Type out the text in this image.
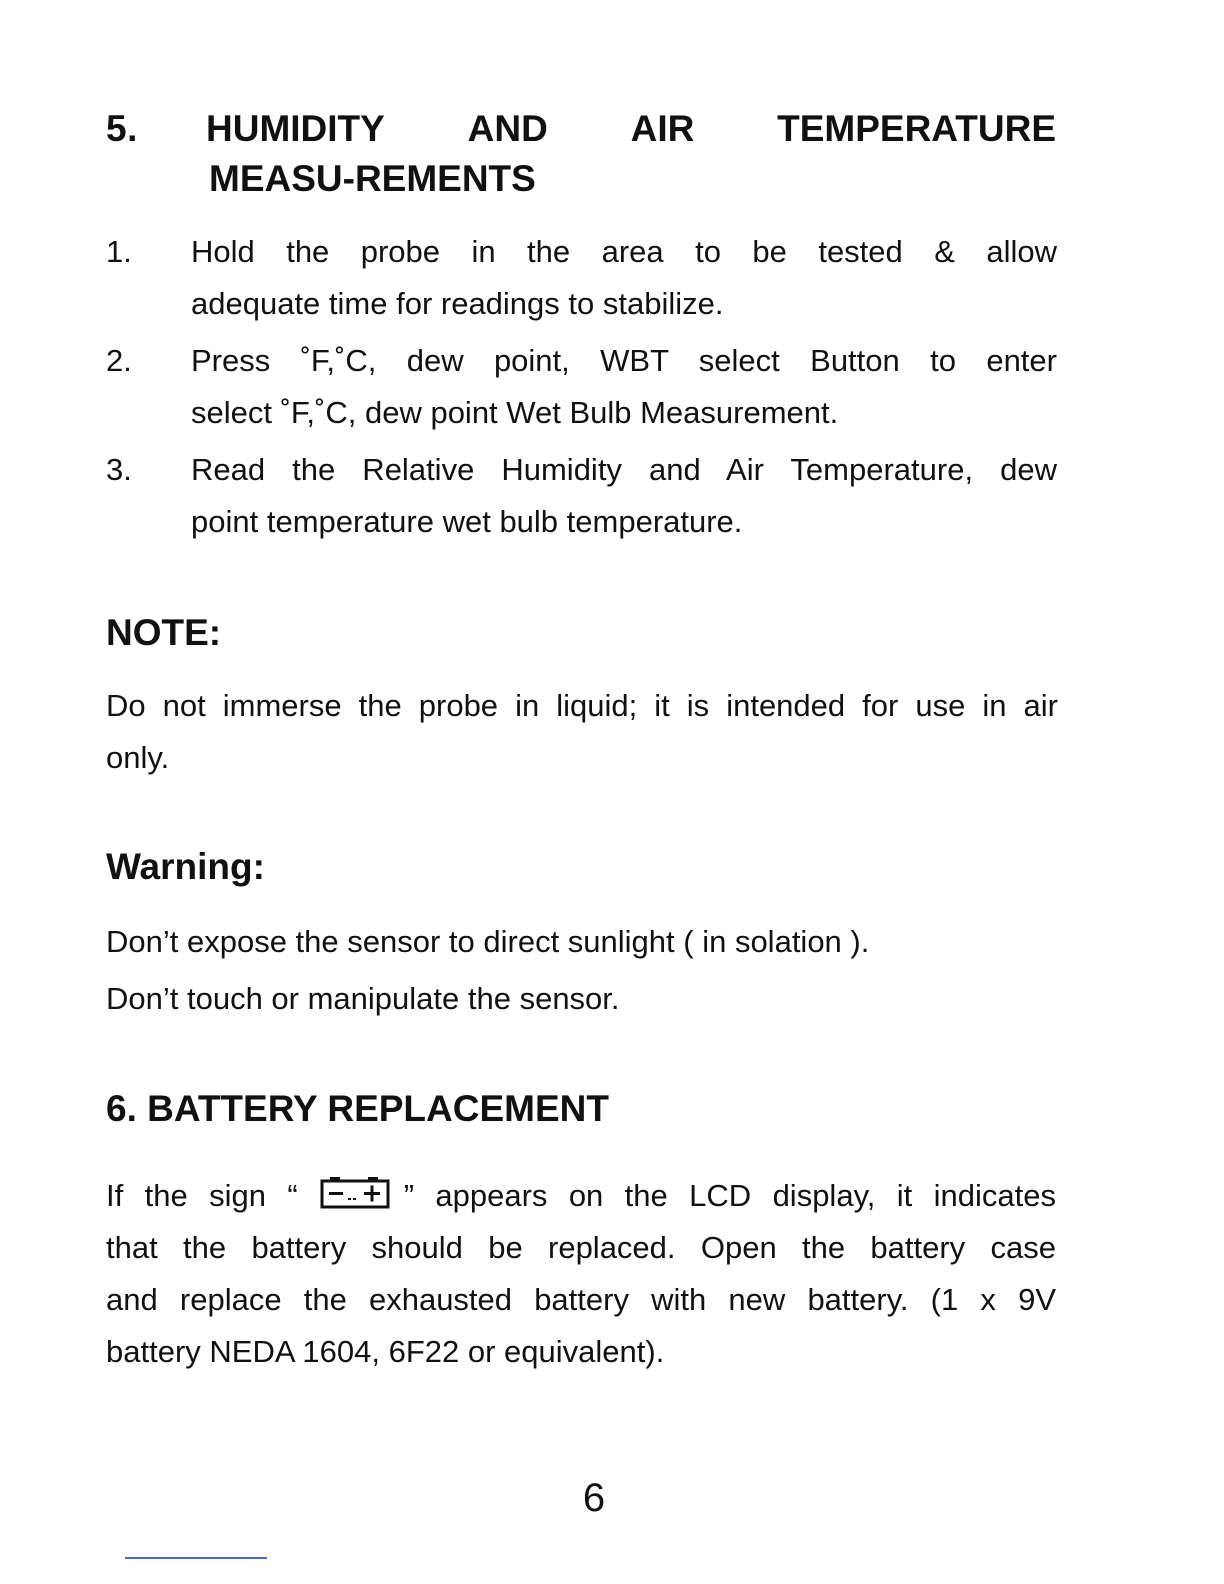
5. HUMIDITY AND AIR TEMPERATURE
MEASU-REMENTS
1. Hold the probe in the area to be tested & allow
adequate time for readings to stabilize.
2. Press ˚F,˚C, dew point, WBT select Button to enter
select ˚F,˚C, dew point Wet Bulb Measurement.
3. Read the Relative Humidity and Air Temperature, dew
point temperature wet bulb temperature.
NOTE:
Do not immerse the probe in liquid; it is intended for use in air
only.
Warning:
Don’t expose the sensor to direct sunlight ( in solation ).
Don’t touch or manipulate the sensor.
6. BATTERY REPLACEMENT
If the sign “	” appears on the LCD display, it indicates
that the battery should be replaced. Open the battery case
and replace the exhausted battery with new battery. (1 x 9V
battery NEDA 1604, 6F22 or equivalent).
6
